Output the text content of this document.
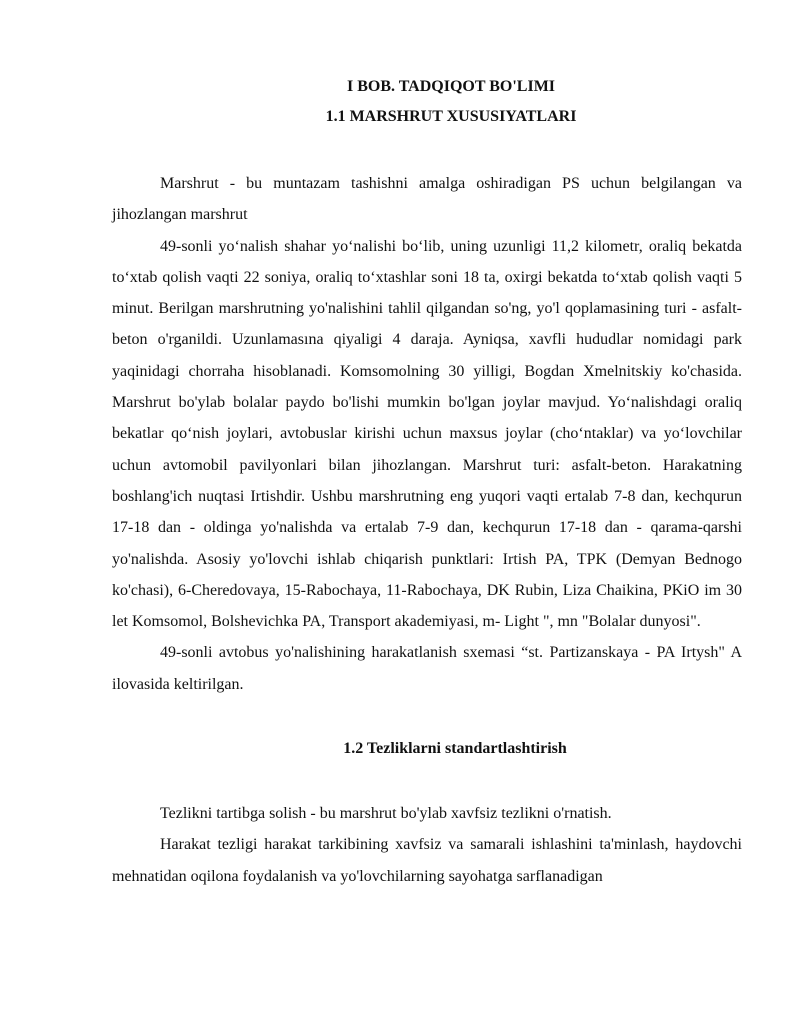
I BOB. TADQIQOT BO'LIMI
1.1 MARSHRUT XUSUSIYATLARI

Marshrut - bu muntazam tashishni amalga oshiradigan PS uchun belgilangan va jihozlangan marshrut

49-sonli yo‘nalish shahar yo‘nalishi bo‘lib, uning uzunligi 11,2 kilometr, oraliq bekatda to‘xtab qolish vaqti 22 soniya, oraliq to‘xtashlar soni 18 ta, oxirgi bekatda to‘xtab qolish vaqti 5 minut. Berilgan marshrutning yo'nalishini tahlil qilgandan so'ng, yo'l qoplamasining turi - asfalt-beton o'rganildi. Uzunlamasına qiyaligi 4 daraja. Ayniqsa, xavfli hududlar nomidagi park yaqinidagi chorraha hisoblanadi. Komsomolning 30 yilligi, Bogdan Xmelnitskiy ko'chasida. Marshrut bo'ylab bolalar paydo bo'lishi mumkin bo'lgan joylar mavjud. Yo‘nalishdagi oraliq bekatlar qo‘nish joylari, avtobuslar kirishi uchun maxsus joylar (cho‘ntaklar) va yo‘lovchilar uchun avtomobil pavilyonlari bilan jihozlangan. Marshrut turi: asfalt-beton. Harakatning boshlang'ich nuqtasi Irtishdir. Ushbu marshrutning eng yuqori vaqti ertalab 7-8 dan, kechqurun 17-18 dan - oldinga yo'nalishda va ertalab 7-9 dan, kechqurun 17-18 dan - qarama-qarshi yo'nalishda. Asosiy yo'lovchi ishlab chiqarish punktlari: Irtish PA, TPK (Demyan Bednogo ko'chasi), 6-Cheredovaya, 15-Rabochaya, 11-Rabochaya, DK Rubin, Liza Chaikina, PKiO im 30 let Komsomol, Bolshevichka PA, Transport akademiyasi, m- Light ", mn "Bolalar dunyosi".

49-sonli avtobus yo'nalishining harakatlanish sxemasi “st. Partizanskaya - PA Irtysh" A ilovasida keltirilgan.

1.2 Tezliklarni standartlashtirish

Tezlikni tartibga solish - bu marshrut bo'ylab xavfsiz tezlikni o'rnatish.

Harakat tezligi harakat tarkibining xavfsiz va samarali ishlashini ta'minlash, haydovchi mehnatidan oqilona foydalanish va yo'lovchilarning sayohatga sarflanadigan
